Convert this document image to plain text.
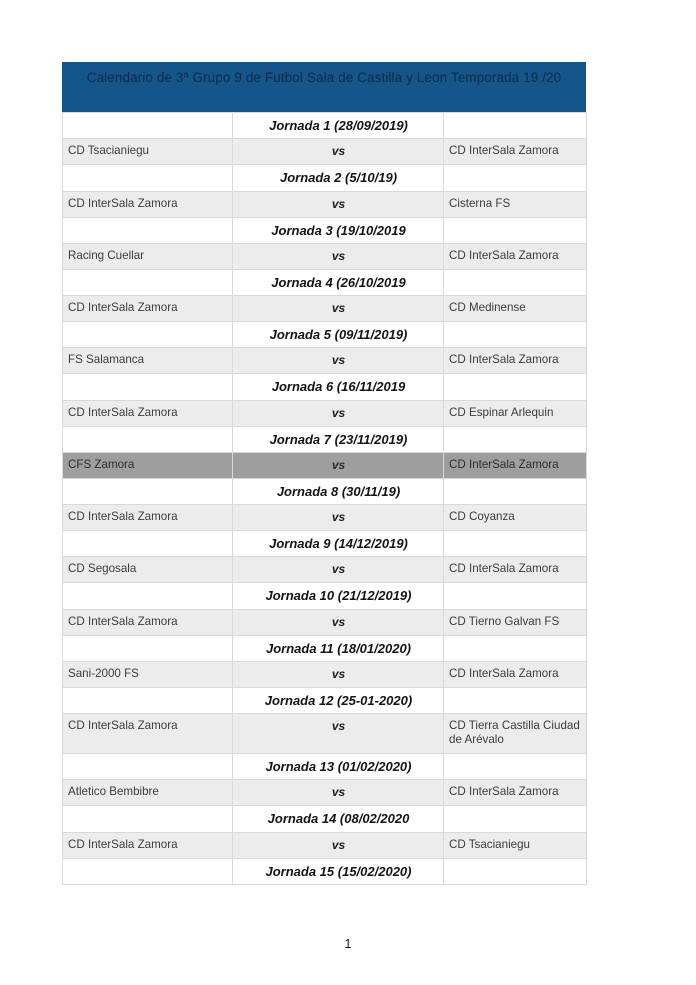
Calendario de 3ª Grupo 9 de Futbol Sala de Castilla y Leon Temporada 19 /20
	Jornada 1 (28/09/2019)	
CD Tsacianiegu	vs	CD InterSala Zamora
	Jornada 2 (5/10/19)	
CD InterSala Zamora	vs	Cisterna FS
	Jornada 3 (19/10/2019	
Racing Cuellar	vs	CD InterSala Zamora
	Jornada 4 (26/10/2019	
CD InterSala Zamora	vs	CD Medinense
	Jornada 5 (09/11/2019)	
FS Salamanca	vs	CD InterSala Zamora
	Jornada 6 (16/11/2019	
CD InterSala Zamora	vs	CD Espinar Arlequin
	Jornada 7 (23/11/2019)	
CFS Zamora	vs	CD InterSala Zamora
	Jornada 8 (30/11/19)	
CD InterSala Zamora	vs	CD Coyanza
	Jornada 9 (14/12/2019)	
CD Segosala	vs	CD InterSala Zamora
	Jornada 10 (21/12/2019)	
CD InterSala Zamora	vs	CD Tierno Galvan FS
	Jornada 11 (18/01/2020)	
Sani-2000 FS	vs	CD InterSala Zamora
	Jornada 12 (25-01-2020)	
CD InterSala Zamora	vs	CD Tierra Castilla Ciudad de Arévalo
	Jornada 13 (01/02/2020)	
Atletico Bembibre	vs	CD InterSala Zamora
	Jornada 14 (08/02/2020	
CD InterSala Zamora	vs	CD Tsacianiegu
	Jornada 15 (15/02/2020)	
1
